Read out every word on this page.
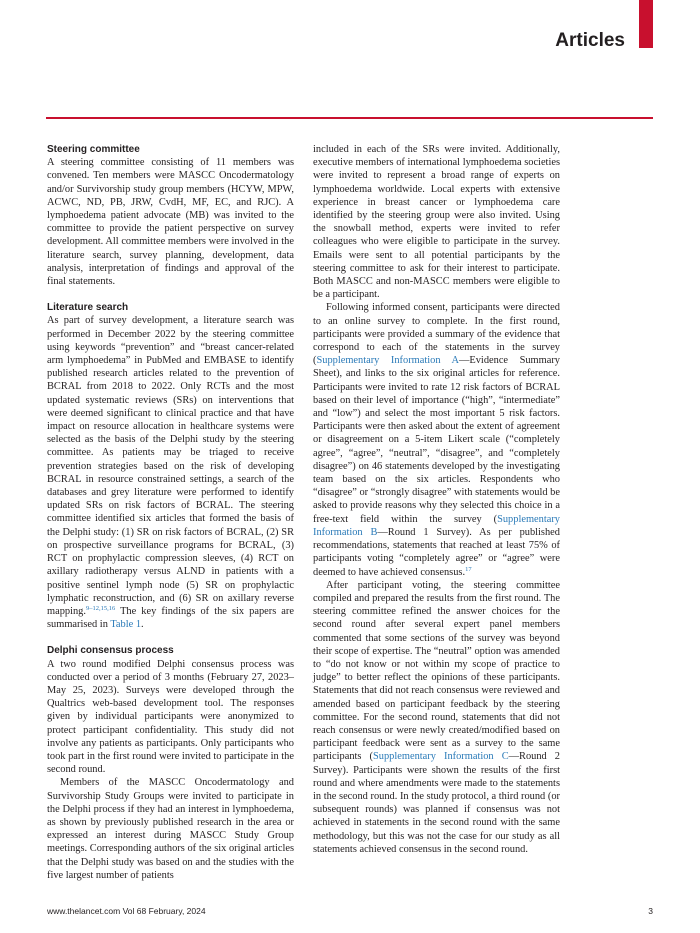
Articles
Steering committee

A steering committee consisting of 11 members was convened. Ten members were MASCC Oncodermatology and/or Survivorship study group members (HCYW, MPW, ACWC, ND, PB, JRW, CvdH, MF, EC, and RJC). A lymphoedema patient advocate (MB) was invited to the committee to provide the patient perspective on survey development. All committee members were involved in the literature search, survey planning, development, data analysis, interpretation of findings and approval of the final statements.

Literature search

As part of survey development, a literature search was performed in December 2022 by the steering committee using keywords “prevention” and “breast cancer-related arm lymphoedema” in PubMed and EMBASE to identify published research articles related to the prevention of BCRAL from 2018 to 2022. Only RCTs and the most updated systematic reviews (SRs) on interventions that were deemed significant to clinical practice and that have impact on resource allocation in healthcare systems were selected as the basis of the Delphi study by the steering committee. As patients may be triaged to receive prevention strategies based on the risk of developing BCRAL in resource constrained settings, a search of the databases and grey literature were performed to identify updated SRs on risk factors of BCRAL. The steering committee identified six articles that formed the basis of the Delphi study: (1) SR on risk factors of BCRAL, (2) SR on prospective surveillance programs for BCRAL, (3) RCT on prophylactic compression sleeves, (4) RCT on axillary radiotherapy versus ALND in patients with a positive sentinel lymph node (5) SR on prophylactic lymphatic reconstruction, and (6) SR on axillary reverse mapping.$^{9-12,15,16}$ The key findings of the six papers are summarised in Table 1.

Delphi consensus process

A two round modified Delphi consensus process was conducted over a period of 3 months (February 27, 2023–May 25, 2023). Surveys were developed through the Qualtrics web-based development tool. The responses given by individual participants were anonymized to protect participant confidentiality. This study did not involve any patients as participants. Only participants who took part in the first round were invited to participate in the second round.

Members of the MASCC Oncodermatology and Survivorship Study Groups were invited to participate in the Delphi process if they had an interest in lymphoedema, as shown by previously published research in the area or expressed an interest during MASCC Study Group meetings. Corresponding authors of the six original articles that the Delphi study was based on and the studies with the five largest number of patients

included in each of the SRs were invited. Additionally, executive members of international lymphoedema societies were invited to represent a broad range of experts on lymphoedema worldwide. Local experts with extensive experience in breast cancer or lymphoedema care identified by the steering group were also invited. Using the snowball method, experts were invited to refer colleagues who were eligible to participate in the survey. Emails were sent to all potential participants by the steering committee to ask for their interest to participate. Both MASCC and non-MASCC members were eligible to be a participant.

Following informed consent, participants were directed to an online survey to complete. In the first round, participants were provided a summary of the evidence that correspond to each of the statements in the survey (Supplementary Information A—Evidence Summary Sheet), and links to the six original articles for reference. Participants were invited to rate 12 risk factors of BCRAL based on their level of importance (“high”, “intermediate” and “low”) and select the most important 5 risk factors. Participants were then asked about the extent of agreement or disagreement on a 5-item Likert scale (“completely agree”, “agree”, “neutral”, “disagree”, and “completely disagree”) on 46 statements developed by the investigating team based on the six articles. Respondents who “disagree” or “strongly disagree” with statements would be asked to provide reasons why they selected this choice in a free-text field within the survey (Supplementary Information B—Round 1 Survey). As per published recommendations, statements that reached at least 75% of participants voting “completely agree” or “agree” were deemed to have achieved consensus.$^{17}$

After participant voting, the steering committee compiled and prepared the results from the first round. The steering committee refined the answer choices for the second round after several expert panel members commented that some sections of the survey was beyond their scope of expertise. The “neutral” option was amended to “do not know or not within my scope of practice to judge” to better reflect the opinions of these participants. Statements that did not reach consensus were reviewed and amended based on participant feedback by the steering committee. For the second round, statements that did not reach consensus or were newly created/modified based on participant feedback were sent as a survey to the same participants (Supplementary Information C—Round 2 Survey). Participants were shown the results of the first round and where amendments were made to the statements in the second round. In the study protocol, a third round (or subsequent rounds) was planned if consensus was not achieved in statements in the second round with the same methodology, but this was not the case for our study as all statements achieved consensus in the second round.

www.thelancet.com Vol 68 February, 2024	3
